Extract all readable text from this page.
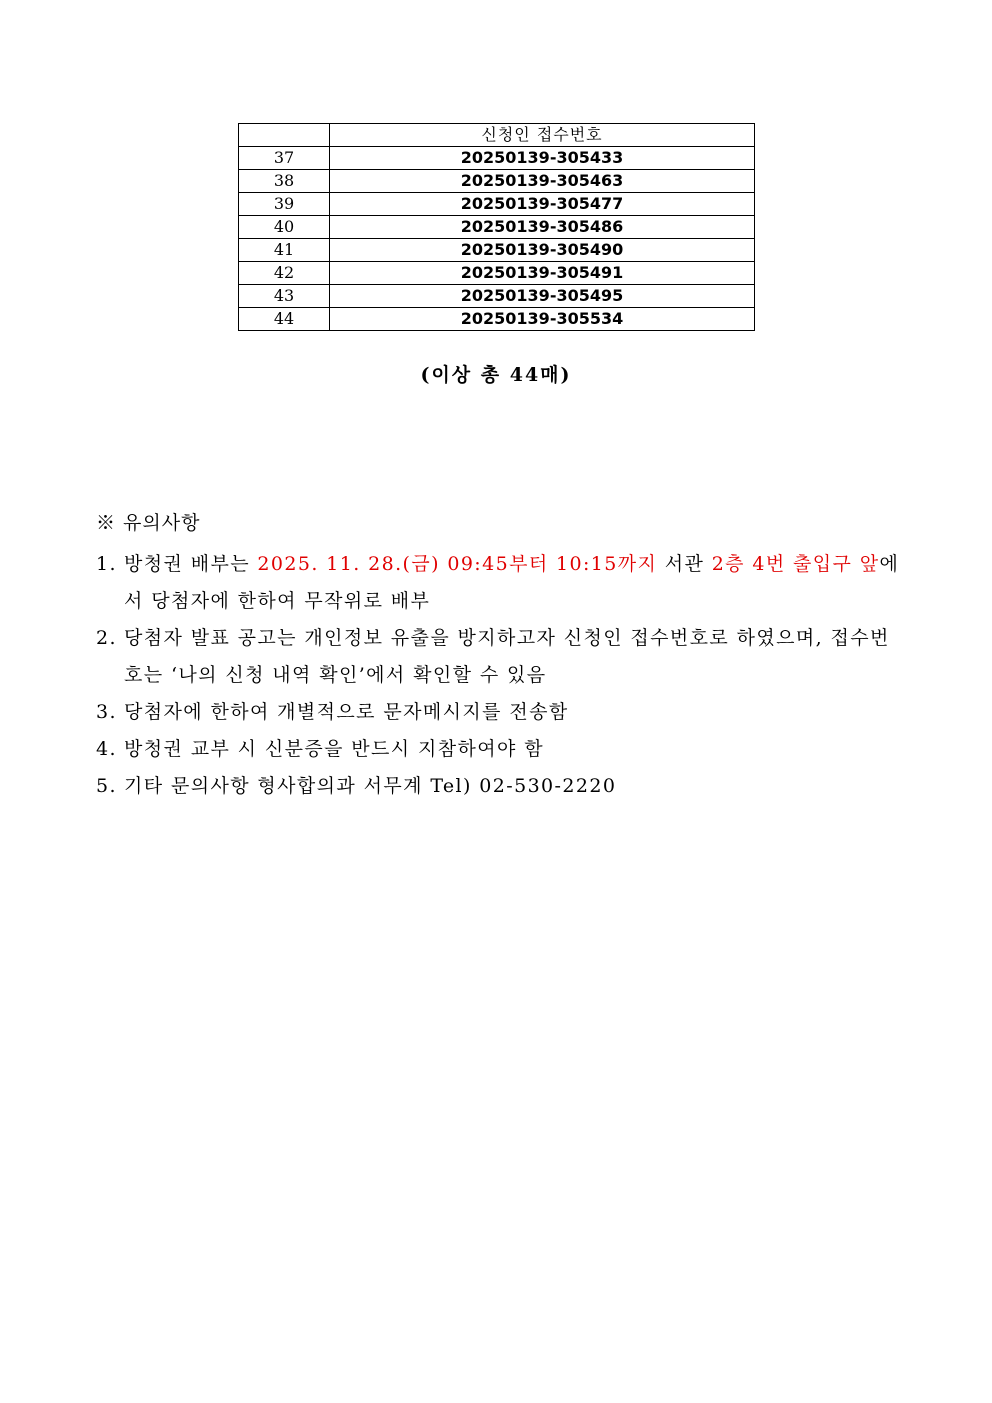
	신청인 접수번호
37	20250139-305433
38	20250139-305463
39	20250139-305477
40	20250139-305486
41	20250139-305490
42	20250139-305491
43	20250139-305495
44	20250139-305534
(이상 총 44매)
※ 유의사항
1. 방청권 배부는 2025. 11. 28.(금) 09:45부터 10:15까지 서관 2층 4번 출입구 앞에서 당첨자에 한하여 무작위로 배부
2. 당첨자 발표 공고는 개인정보 유출을 방지하고자 신청인 접수번호로 하였으며, 접수번호는 ‘나의 신청 내역 확인’에서 확인할 수 있음
3. 당첨자에 한하여 개별적으로 문자메시지를 전송함
4. 방청권 교부 시 신분증을 반드시 지참하여야 함
5. 기타 문의사항 형사합의과 서무계 Tel) 02-530-2220
